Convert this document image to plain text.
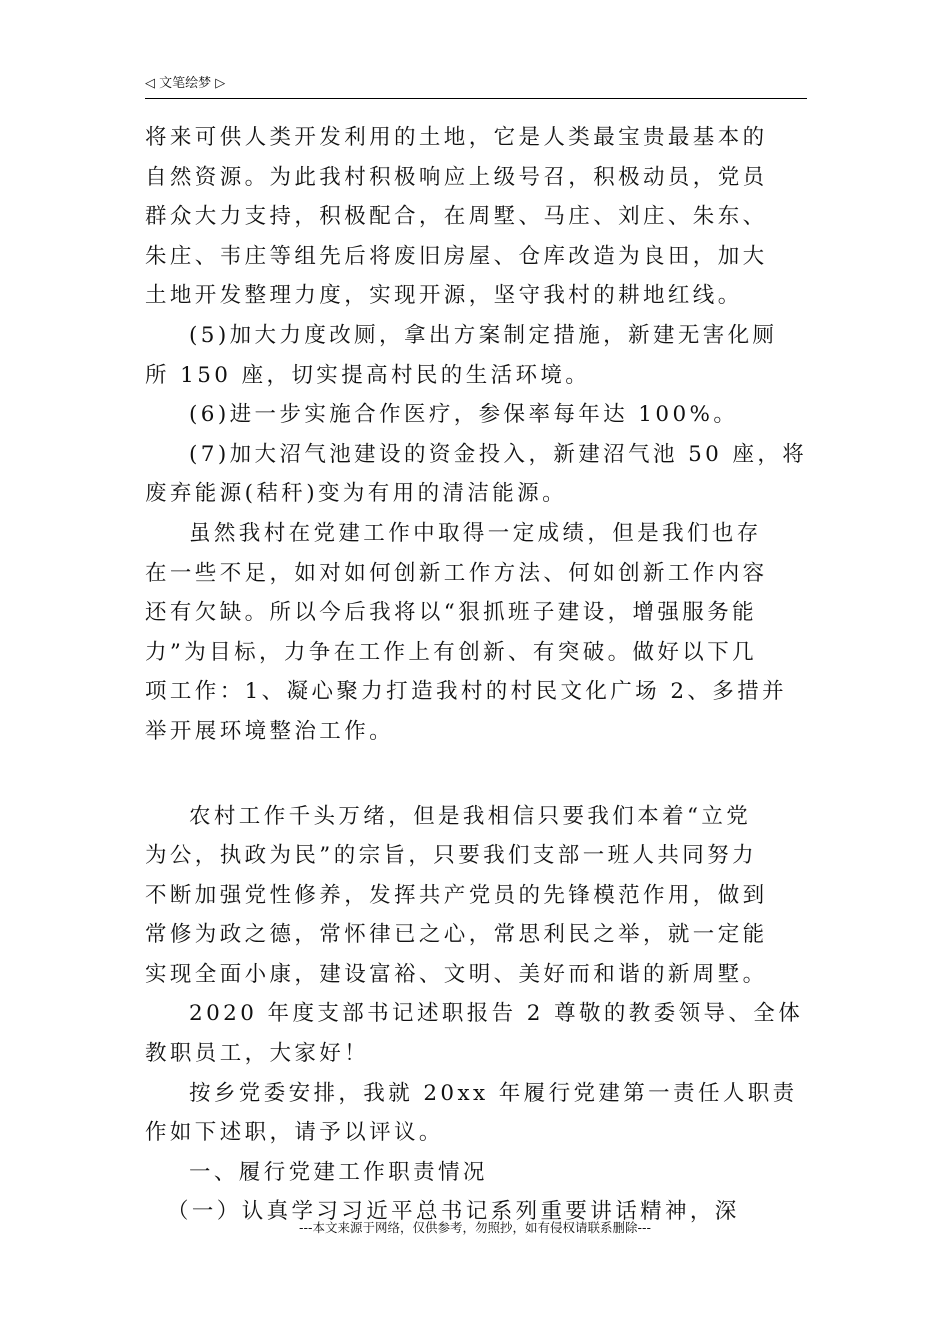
◁ 文笔绘梦 ▷
将来可供人类开发利用的土地，它是人类最宝贵最基本的
自然资源。为此我村积极响应上级号召，积极动员，党员
群众大力支持，积极配合，在周墅、马庄、刘庄、朱东、
朱庄、韦庄等组先后将废旧房屋、仓库改造为良田，加大
土地开发整理力度，实现开源，坚守我村的耕地红线。
(5)加大力度改厕，拿出方案制定措施，新建无害化厕
所 150 座，切实提高村民的生活环境。
(6)进一步实施合作医疗，参保率每年达 100%。
(7)加大沼气池建设的资金投入，新建沼气池 50 座，将
废弃能源(秸秆)变为有用的清洁能源。
虽然我村在党建工作中取得一定成绩，但是我们也存
在一些不足，如对如何创新工作方法、何如创新工作内容
还有欠缺。所以今后我将以“狠抓班子建设，增强服务能
力”为目标，力争在工作上有创新、有突破。做好以下几
项工作：1、凝心聚力打造我村的村民文化广场 2、多措并
举开展环境整治工作。
农村工作千头万绪，但是我相信只要我们本着“立党
为公，执政为民”的宗旨，只要我们支部一班人共同努力
不断加强党性修养，发挥共产党员的先锋模范作用，做到
常修为政之德，常怀律已之心，常思利民之举，就一定能
实现全面小康，建设富裕、文明、美好而和谐的新周墅。
2020 年度支部书记述职报告 2 尊敬的教委领导、全体
教职员工，大家好！
按乡党委安排，我就 20xx 年履行党建第一责任人职责
作如下述职，请予以评议。
一、履行党建工作职责情况
（一）认真学习习近平总书记系列重要讲话精神，深
---本文来源于网络，仅供参考，勿照抄，如有侵权请联系删除---
